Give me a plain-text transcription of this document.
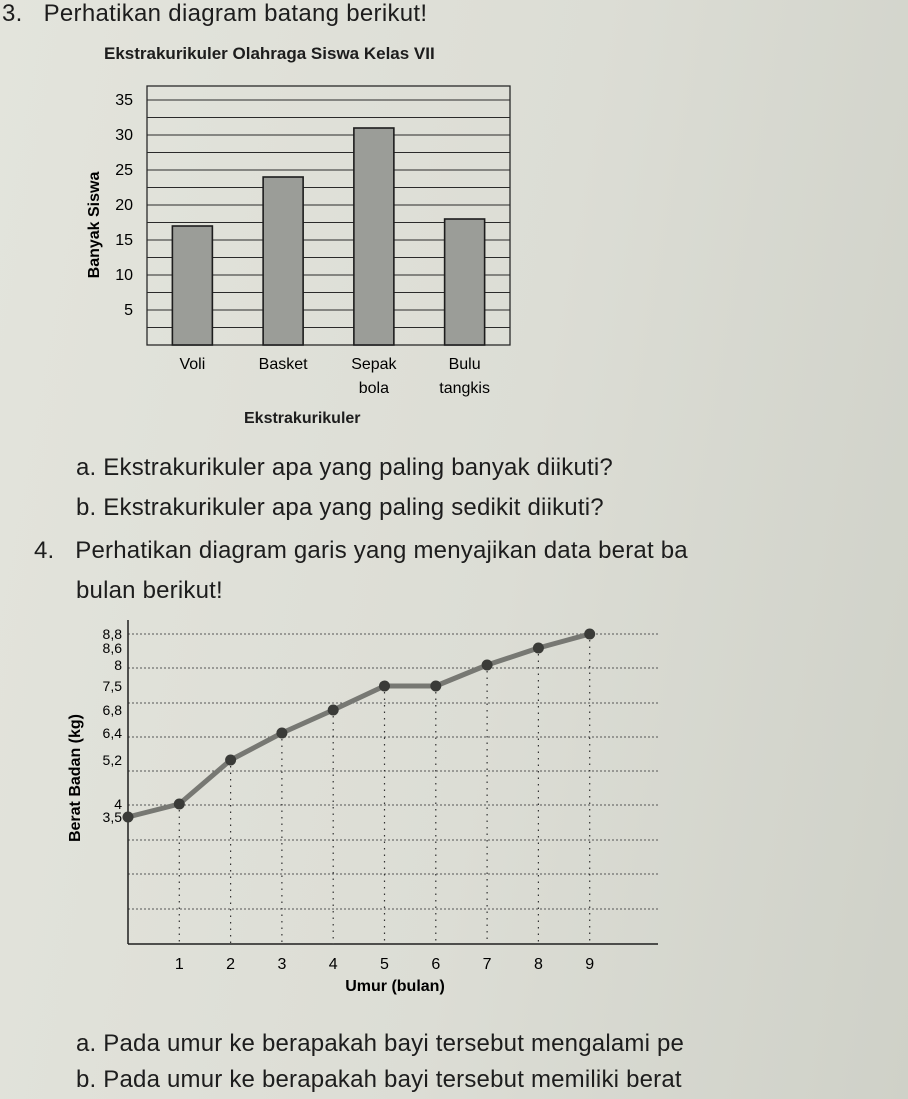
3. Perhatikan diagram batang berikut!
Ekstrakurikuler Olahraga Siswa Kelas VII
5
10
15
20
25
30
35
Voli	Basket	Sepak
bola
Bulu
tangkis
Banyak Siswa
Ekstrakurikuler
a. Ekstrakurikuler apa yang paling banyak diikuti?
b. Ekstrakurikuler apa yang paling sedikit diikuti?
4. Perhatikan diagram garis yang menyajikan data berat ba
bulan berikut!
3,5
4
5,2
6,4
6,8
7,5
8
8,6
8,8
1	2	3	4	5	6	7	8	9
Umur (bulan)
Berat Badan (kg)
a. Pada umur ke berapakah bayi tersebut mengalami pe
b. Pada umur ke berapakah bayi tersebut memiliki berat
